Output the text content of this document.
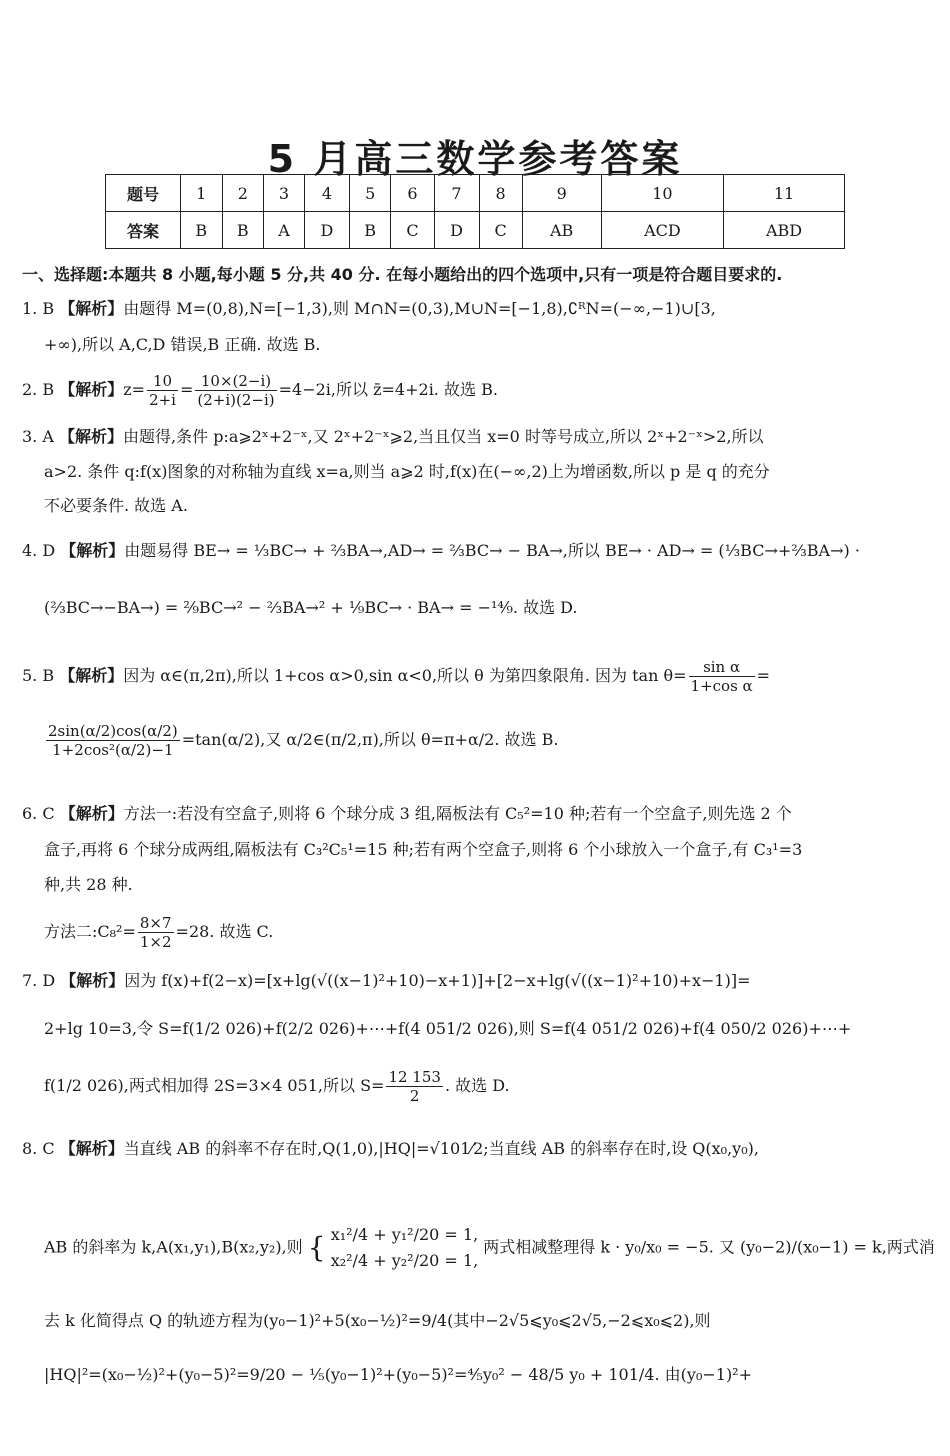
5 月高三数学参考答案
题号	1	2	3	4	5	6	7	8	9	10	11
答案	B	B	A	D	B	C	D	C	AB	ACD	ABD
一、选择题:本题共 8 小题,每小题 5 分,共 40 分. 在每小题给出的四个选项中,只有一项是符合题目要求的.
1. B 【解析】由题得 M=(0,8),N=[−1,3),则 M∩N=(0,3),M∪N=[−1,8),∁ᴿN=(−∞,−1)∪[3,
+∞),所以 A,C,D 错误,B 正确. 故选 B.
2. B 【解析】$z= \frac{10}{2+i} = \frac{10\times(2-i)}{(2+i)(2-i)} =4-2i$,所以 z̄=4+2i. 故选 B.
3. A 【解析】由题得,条件 p:a⩾2ˣ+2⁻ˣ,又 2ˣ+2⁻ˣ⩾2,当且仅当 x=0 时等号成立,所以 2ˣ+2⁻ˣ>2,所以
a>2. 条件 q:f(x)图象的对称轴为直线 x=a,则当 a⩾2 时,f(x)在(−∞,2)上为增函数,所以 p 是 q 的充分
不必要条件. 故选 A.
4. D 【解析】由题易得 BE→ = ⅓BC→ + ⅔BA→,AD→ = ⅔BC→ − BA→,所以 BE→ · AD→ = (⅓BC→+⅔BA→) ·
(⅔BC→−BA→) = ²⁄₉BC→² − ⅔BA→² + ¹⁄₉BC→ · BA→ = −¹⁴⁄₉. 故选 D.
5. B 【解析】因为 α∈(π,2π),所以 1+cos α>0,sin α<0,所以 θ 为第四象限角. 因为 $\tan \theta= \frac{\text{sin α}}{\text{1+cos α}}$ =
$\frac{2\sin(\alpha/2)\cos(\alpha/2)}{\text{1+2cos²(α/2)−1}} =\tan(\alpha/2)$,又 α/2∈(π/2,π),所以 θ=π+α/2. 故选 B.
6. C 【解析】方法一:若没有空盒子,则将 6 个球分成 3 组,隔板法有 C₅²=10 种;若有一个空盒子,则先选 2 个
盒子,再将 6 个球分成两组,隔板法有 C₃²C₅¹=15 种;若有两个空盒子,则将 6 个小球放入一个盒子,有 C₃¹=3
种,共 28 种.
方法二:C₈²= $\frac{8\times 7}{1\times 2} =28$. 故选 C.
7. D 【解析】因为 f(x)+f(2−x)=[x+lg(√((x−1)²+10)−x+1)]+[2−x+lg(√((x−1)²+10)+x−1)]=
2+lg 10=3,令 S=f(1/2 026)+f(2/2 026)+⋯+f(4 051/2 026),则 S=f(4 051/2 026)+f(4 050/2 026)+⋯+
f(1/2 026),两式相加得 2S=3×4 051,所以 $S= \frac{12 153}{2}$ . 故选 D.
8. C 【解析】当直线 AB 的斜率不存在时,Q(1,0),|HQ|=√101⁄2;当直线 AB 的斜率存在时,设 Q(x₀,y₀),
AB 的斜率为 k,A(x₁,y₁),B(x₂,y₂),则 { x₁²/4 + y₁²/20 = 1,
x₂²/4 + y₂²/20 = 1,
两式相减整理得 k · y₀/x₀ = −5. 又 (y₀−2)/(x₀−1) = k,两式消
去 k 化简得点 Q 的轨迹方程为(y₀−1)²+5(x₀−½)²=9/4(其中−2√5⩽y₀⩽2√5,−2⩽x₀⩽2),则
|HQ|²=(x₀−½)²+(y₀−5)²=9/20 − ⅕(y₀−1)²+(y₀−5)²=⅘y₀² − 48/5 y₀ + 101/4. 由(y₀−1)²+
